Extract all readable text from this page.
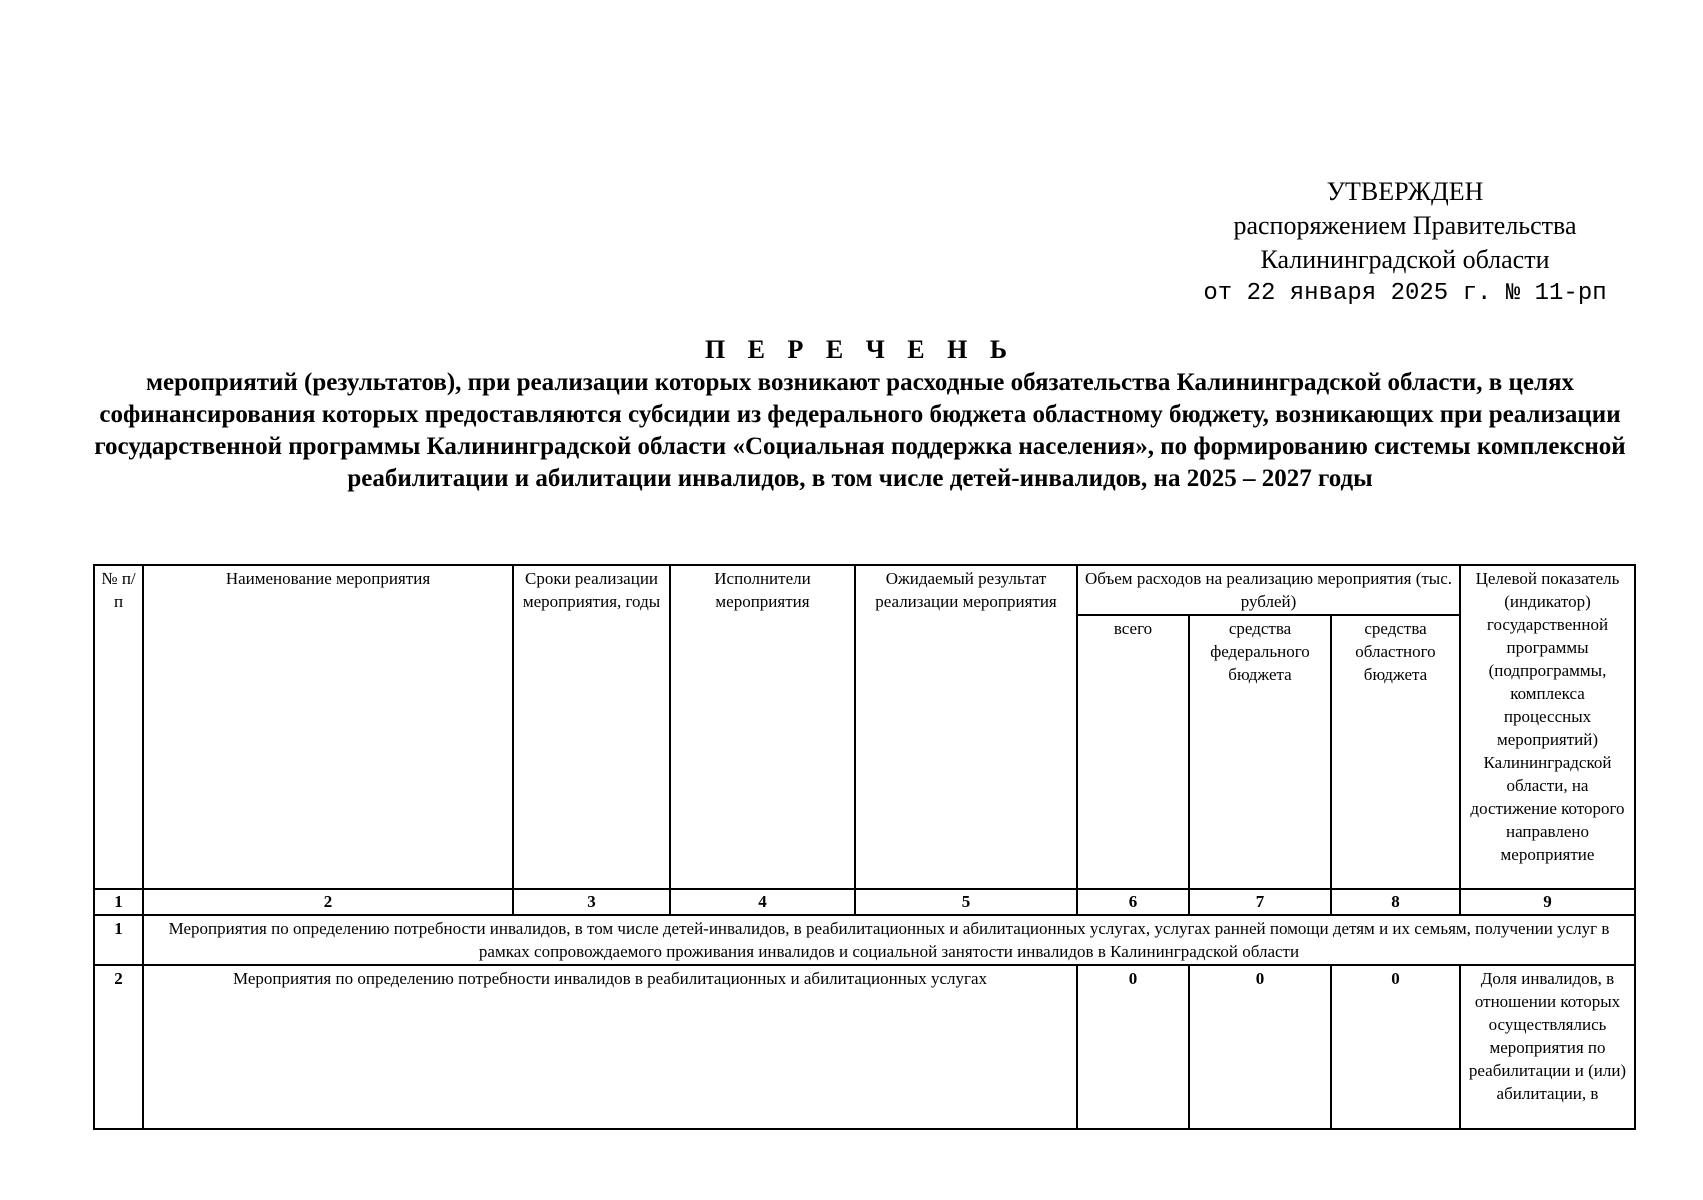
УТВЕРЖДЕН
распоряжением Правительства
Калининградской области
от 22 января 2025 г. № 11-рп
П Е Р Е Ч Е Н Ь
мероприятий (результатов), при реализации которых возникают расходные обязательства Калининградской области, в целях софинансирования которых предоставляются субсидии из федерального бюджета областному бюджету, возникающих при реализации государственной программы Калининградской области «Социальная поддержка населения», по формированию системы комплексной реабилитации и абилитации инвалидов, в том числе детей-инвалидов, на 2025 – 2027 годы
№ п/п	Наименование мероприятия	Сроки реализации мероприятия, годы	Исполнители мероприятия	Ожидаемый результат реализации мероприятия	Объем расходов на реализацию мероприятия (тыс. рублей)			Целевой показатель (индикатор) государственной программы (подпрограммы, комплекса процессных мероприятий) Калининградской области, на достижение которого направлено мероприятие
					всего	средства федерального бюджета	средства областного бюджета	
1	2	3	4	5	6	7	8	9
1	Мероприятия по определению потребности инвалидов, в том числе детей-инвалидов, в реабилитационных и абилитационных услугах, услугах ранней помощи детям и их семьям, получении услуг в рамках сопровождаемого проживания инвалидов и социальной занятости инвалидов в Калининградской области							
2	Мероприятия по определению потребности инвалидов в реабилитационных и абилитационных услугах				0	0	0	Доля инвалидов, в отношении которых осуществлялись мероприятия по реабилитации и (или) абилитации, в
